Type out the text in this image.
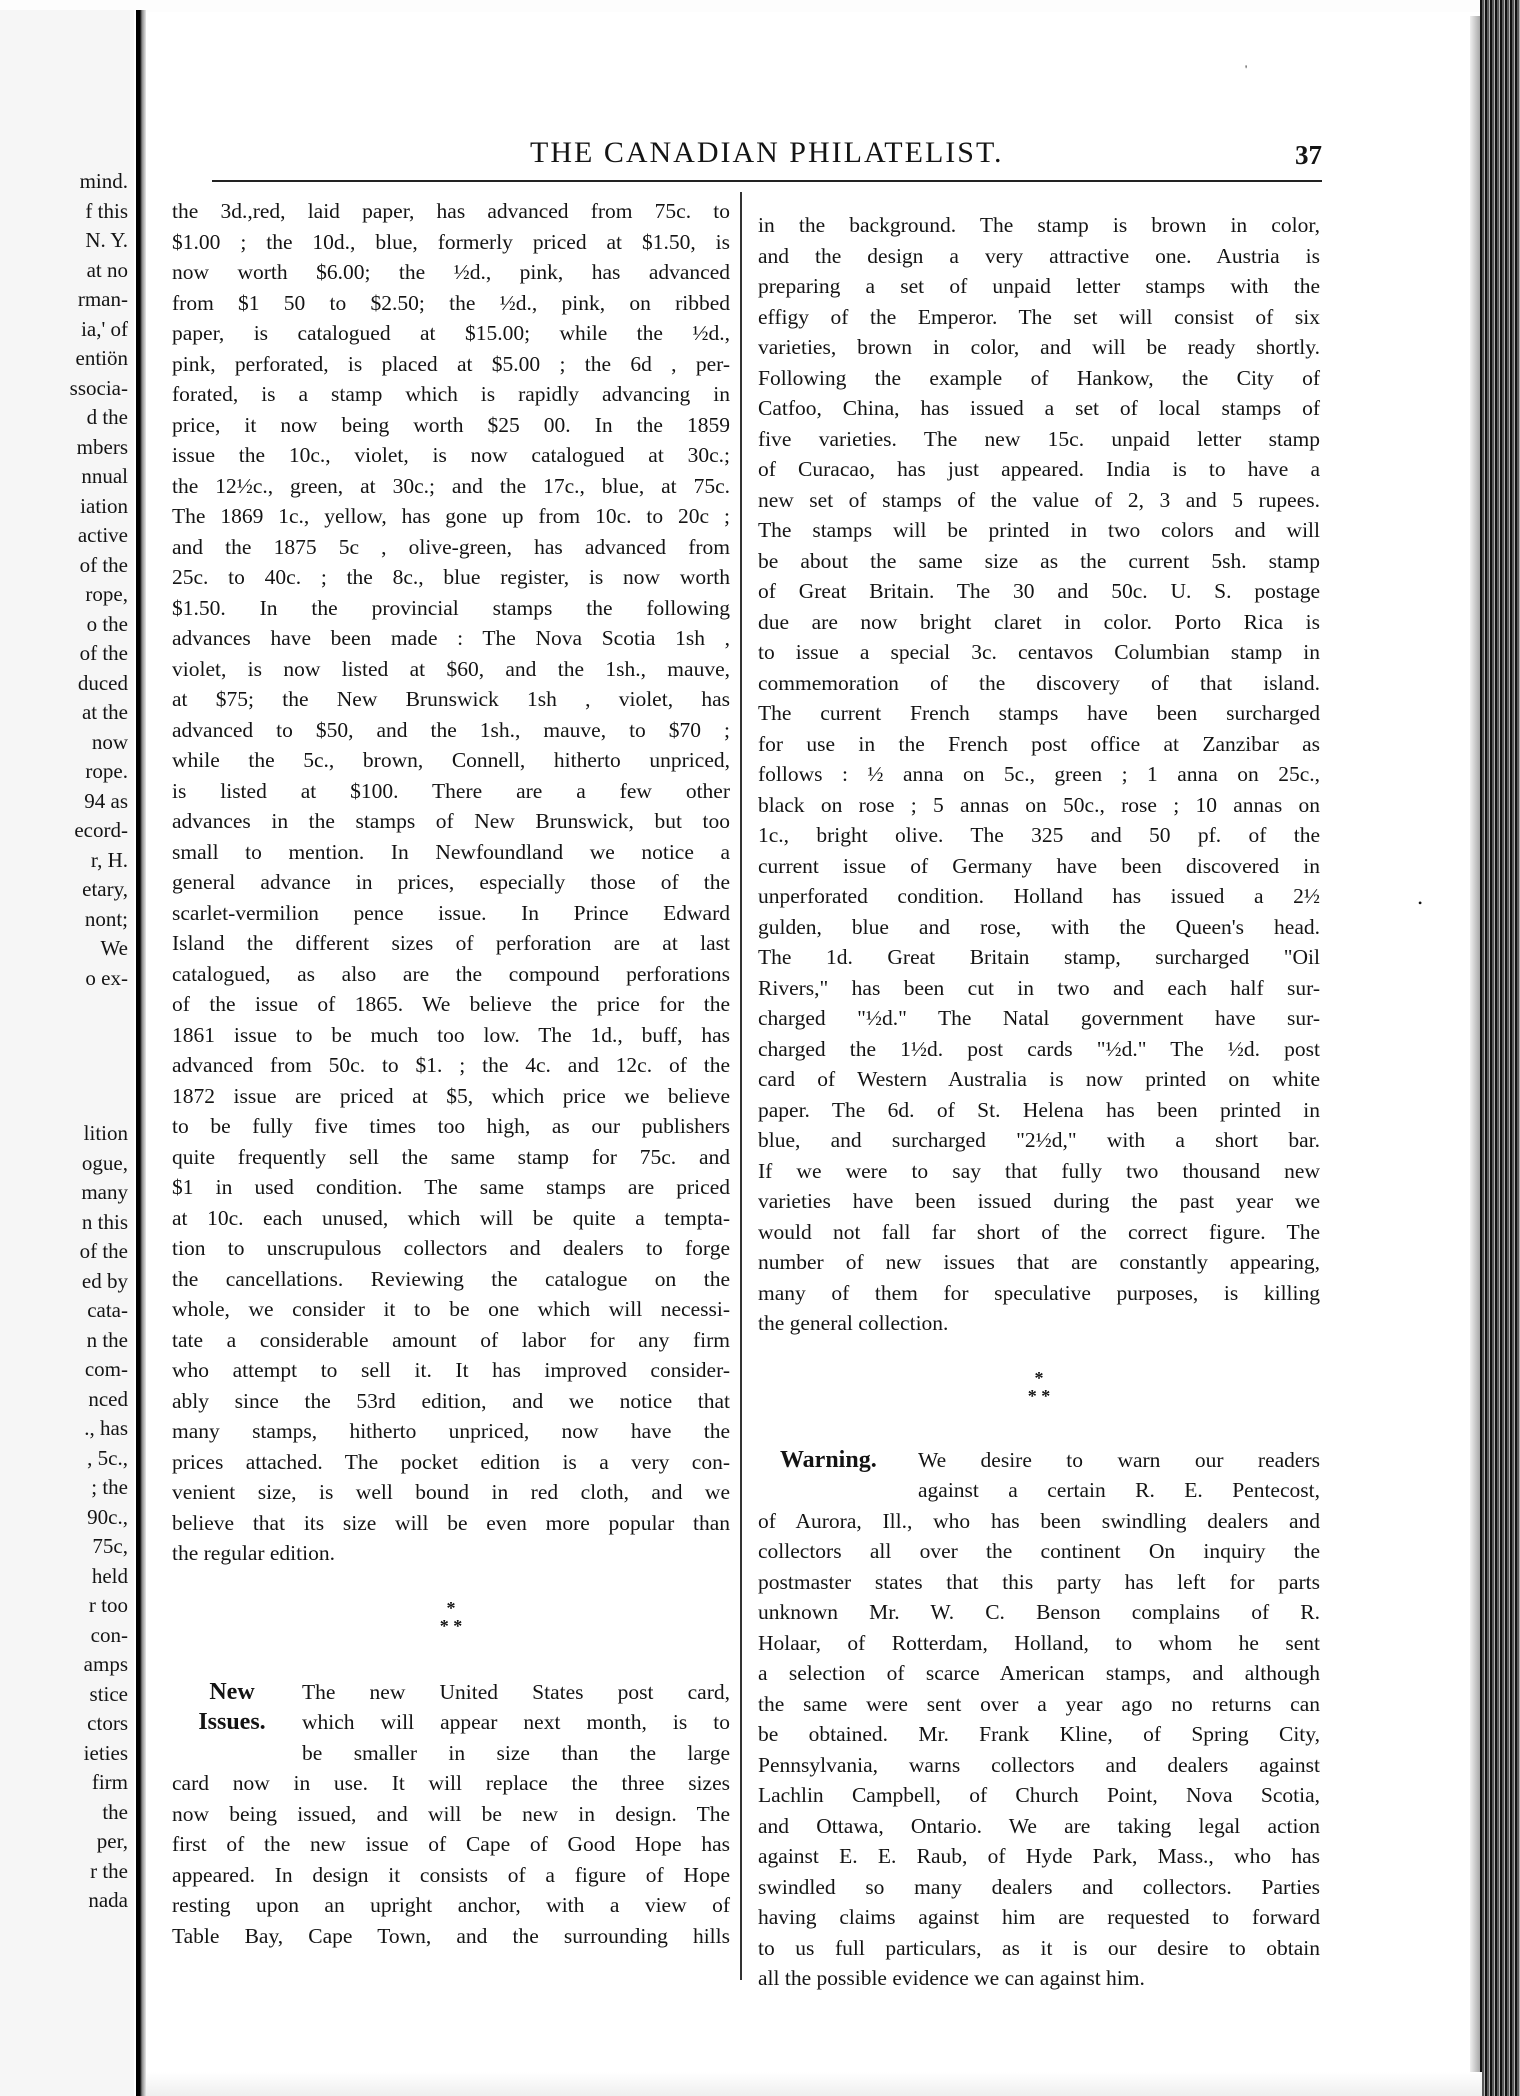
mind.
f this
N. Y.
at no
rman-
ia,' of
entiön
ssocia-
d the
mbers
nnual
iation
active
of the
rope,
o the
of the
duced
at the
now
rope.
94 as
ecord-
r, H.
etary,
nont;
We
o ex-
lition
ogue,
many
n this
of the
ed by
cata-
n the
com-
nced
., has
, 5c.,
; the
90c.,
75c,
held
r too
con-
amps
stice
ctors
ieties
firm
the
per,
r the
nada
THE CANADIAN PHILATELIST.	37
the 3d.,red, laid paper, has advanced from 75c. to
$1.00 ; the 10d., blue, formerly priced at $1.50, is
now worth $6.00; the ½d., pink, has advanced
from $1 50 to $2.50; the ½d., pink, on ribbed
paper, is catalogued at $15.00; while the ½d.,
pink, perforated, is placed at $5.00 ; the 6d , per-
forated, is a stamp which is rapidly advancing in
price, it now being worth $25 00. In the 1859
issue the 10c., violet, is now catalogued at 30c.;
the 12½c., green, at 30c.; and the 17c., blue, at 75c.
The 1869 1c., yellow, has gone up from 10c. to 20c ;
and the 1875 5c , olive-green, has advanced from
25c. to 40c. ; the 8c., blue register, is now worth
$1.50. In the provincial stamps the following
advances have been made : The Nova Scotia 1sh ,
violet, is now listed at $60, and the 1sh., mauve,
at $75; the New Brunswick 1sh , violet, has
advanced to $50, and the 1sh., mauve, to $70 ;
while the 5c., brown, Connell, hitherto unpriced,
is listed at $100. There are a few other
advances in the stamps of New Brunswick, but too
small to mention. In Newfoundland we notice a
general advance in prices, especially those of the
scarlet-vermilion pence issue. In Prince Edward
Island the different sizes of perforation are at last
catalogued, as also are the compound perforations
of the issue of 1865. We believe the price for the
1861 issue to be much too low. The 1d., buff, has
advanced from 50c. to $1. ; the 4c. and 12c. of the
1872 issue are priced at $5, which price we believe
to be fully five times too high, as our publishers
quite frequently sell the same stamp for 75c. and
$1 in used condition. The same stamps are priced
at 10c. each unused, which will be quite a tempta-
tion to unscrupulous collectors and dealers to forge
the cancellations. Reviewing the catalogue on the
whole, we consider it to be one which will necessi-
tate a considerable amount of labor for any firm
who attempt to sell it. It has improved consider-
ably since the 53rd edition, and we notice that
many stamps, hitherto unpriced, now have the
prices attached. The pocket edition is a very con-
venient size, is well bound in red cloth, and we
believe that its size will be even more popular than
the regular edition.
*
* *
New
Issues.
The new United States post card,
which will appear next month, is to
be smaller in size than the large
card now in use. It will replace the three sizes
now being issued, and will be new in design. The
first of the new issue of Cape of Good Hope has
appeared. In design it consists of a figure of Hope
resting upon an upright anchor, with a view of
Table Bay, Cape Town, and the surrounding hills
in the background. The stamp is brown in color,
and the design a very attractive one. Austria is
preparing a set of unpaid letter stamps with the
effigy of the Emperor. The set will consist of six
varieties, brown in color, and will be ready shortly.
Following the example of Hankow, the City of
Catfoo, China, has issued a set of local stamps of
five varieties. The new 15c. unpaid letter stamp
of Curacao, has just appeared. India is to have a
new set of stamps of the value of 2, 3 and 5 rupees.
The stamps will be printed in two colors and will
be about the same size as the current 5sh. stamp
of Great Britain. The 30 and 50c. U. S. postage
due are now bright claret in color. Porto Rica is
to issue a special 3c. centavos Columbian stamp in
commemoration of the discovery of that island.
The current French stamps have been surcharged
for use in the French post office at Zanzibar as
follows : ½ anna on 5c., green ; 1 anna on 25c.,
black on rose ; 5 annas on 50c., rose ; 10 annas on
1c., bright olive. The 325 and 50 pf. of the
current issue of Germany have been discovered in
unperforated condition. Holland has issued a 2½
gulden, blue and rose, with the Queen's head.
The 1d. Great Britain stamp, surcharged "Oil
Rivers," has been cut in two and each half sur-
charged "½d." The Natal government have sur-
charged the 1½d. post cards "½d." The ½d. post
card of Western Australia is now printed on white
paper. The 6d. of St. Helena has been printed in
blue, and surcharged "2½d," with a short bar.
If we were to say that fully two thousand new
varieties have been issued during the past year we
would not fall far short of the correct figure. The
number of new issues that are constantly appearing,
many of them for speculative purposes, is killing
the general collection.
*
* *
Warning. We desire to warn our readers
against a certain R. E. Pentecost,
of Aurora, Ill., who has been swindling dealers and
collectors all over the continent On inquiry the
postmaster states that this party has left for parts
unknown Mr. W. C. Benson complains of R.
Holaar, of Rotterdam, Holland, to whom he sent
a selection of scarce American stamps, and although
the same were sent over a year ago no returns can
be obtained. Mr. Frank Kline, of Spring City,
Pennsylvania, warns collectors and dealers against
Lachlin Campbell, of Church Point, Nova Scotia,
and Ottawa, Ontario. We are taking legal action
against E. E. Raub, of Hyde Park, Mass., who has
swindled so many dealers and collectors. Parties
having claims against him are requested to forward
to us full particulars, as it is our desire to obtain
all the possible evidence we can against him.
'
•
